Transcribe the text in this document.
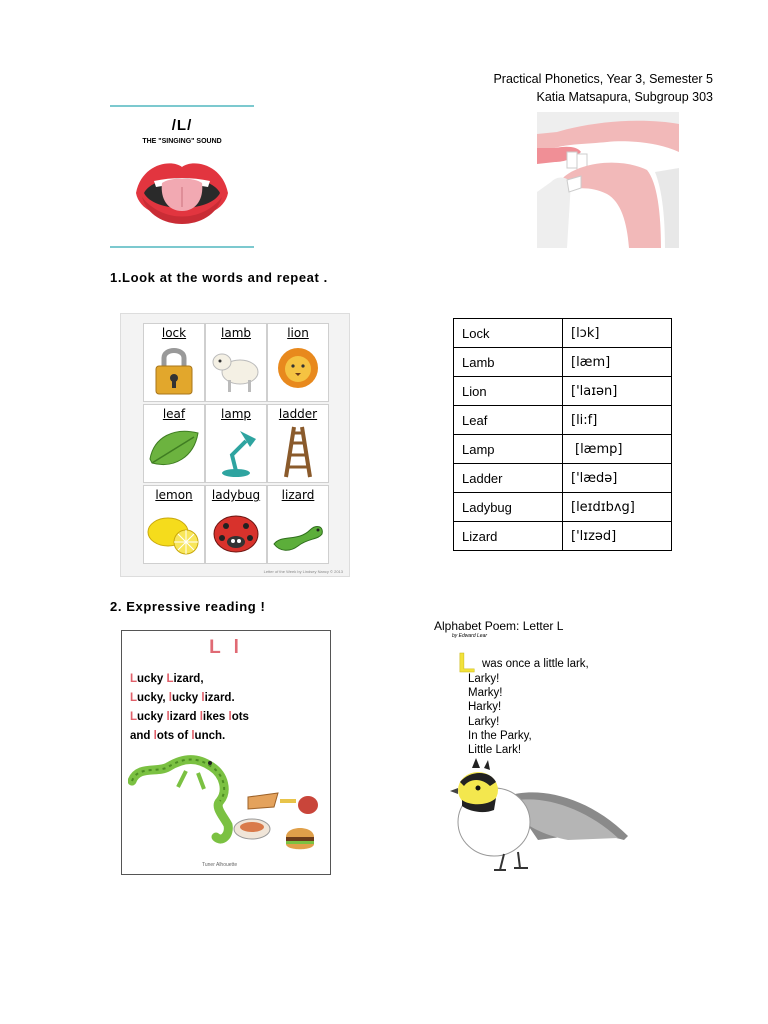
Practical Phonetics, Year 3, Semester 5
Katia Matsapura, Subgroup 303
/L/
THE "SINGING" SOUND
1.Look at the words and repeat .
lock	lamb	lion
leaf	lamp	ladder
lemon	ladybug	lizard
Letter of the Week by Lindsey Nancy © 2013
Lock	[lɔk]
Lamb	[læm]
Lion	['laɪən]
Leaf	[li:f]
Lamp	[læmp]
Ladder	['lædə]
Ladybug	[leɪdɪbʌg]
Lizard	['lɪzəd]
2. Expressive reading !
L l
Lucky Lizard,
Lucky, lucky lizard.
Lucky lizard likes lots
and lots of lunch.
Tuner Alhouette
Alphabet Poem: Letter L
by Edward Lear
L was once a little lark,
Larky!
Marky!
Harky!
Larky!
In the Parky,
Little Lark!
